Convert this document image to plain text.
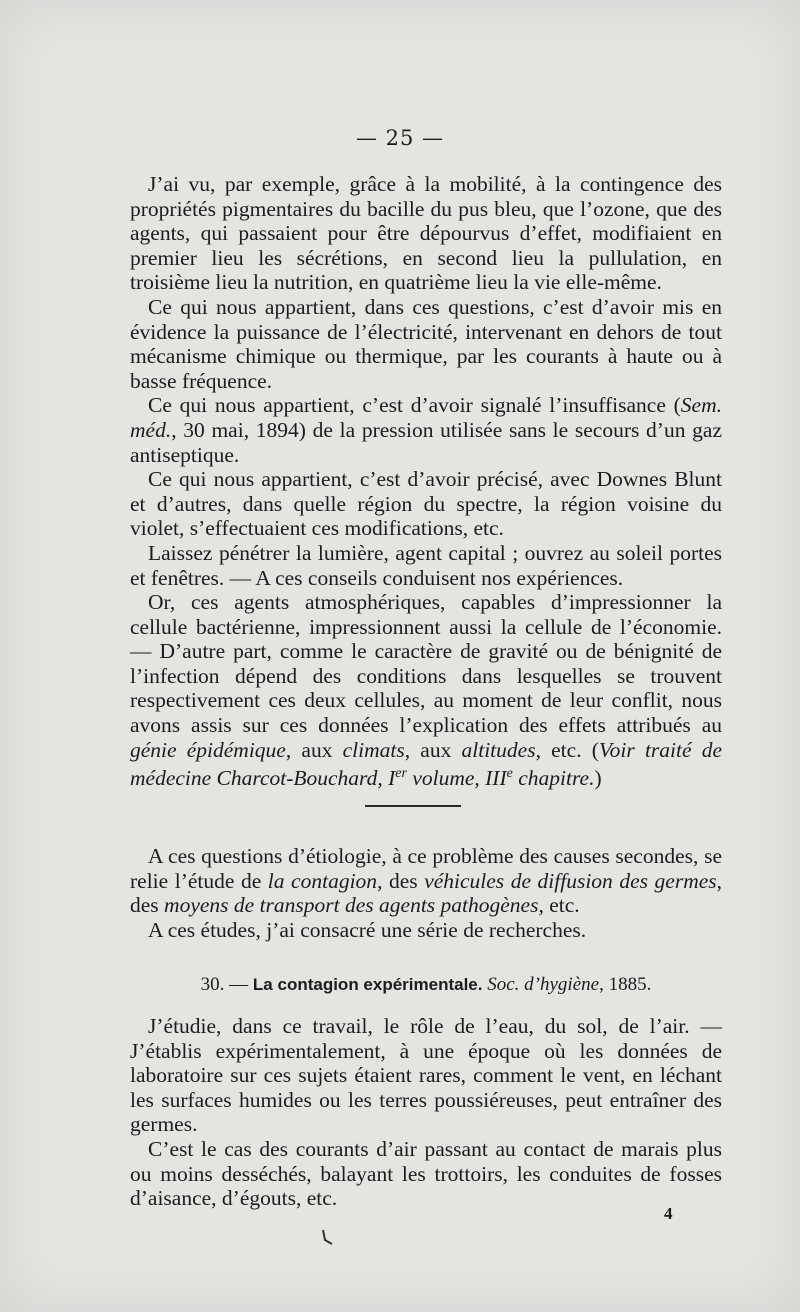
— 25 —

J’ai vu, par exemple, grâce à la mobilité, à la contingence des propriétés pigmentaires du bacille du pus bleu, que l’ozone, que des agents, qui passaient pour être dépourvus d’effet, modifiaient en premier lieu les sécrétions, en second lieu la pullulation, en troisième lieu la nutrition, en quatrième lieu la vie elle-même.

Ce qui nous appartient, dans ces questions, c’est d’avoir mis en évidence la puissance de l’électricité, intervenant en dehors de tout mécanisme chimique ou thermique, par les courants à haute ou à basse fréquence.

Ce qui nous appartient, c’est d’avoir signalé l’insuffisance (Sem. méd., 30 mai, 1894) de la pression utilisée sans le secours d’un gaz antiseptique.

Ce qui nous appartient, c’est d’avoir précisé, avec Downes Blunt et d’autres, dans quelle région du spectre, la région voisine du violet, s’effectuaient ces modifications, etc.

Laissez pénétrer la lumière, agent capital ; ouvrez au soleil portes et fenêtres. — A ces conseils conduisent nos expériences.

Or, ces agents atmosphériques, capables d’impressionner la cellule bactérienne, impressionnent aussi la cellule de l’économie. — D’autre part, comme le caractère de gravité ou de bénignité de l’infection dépend des conditions dans lesquelles se trouvent respectivement ces deux cellules, au moment de leur conflit, nous avons assis sur ces données l’explication des effets attribués au génie épidémique, aux climats, aux altitudes, etc. (Voir traité de médecine Charcot-Bouchard, Ier volume, IIIe chapitre.)

A ces questions d’étiologie, à ce problème des causes secondes, se relie l’étude de la contagion, des véhicules de diffusion des germes, des moyens de transport des agents pathogènes, etc.

A ces études, j’ai consacré une série de recherches.

30. — La contagion expérimentale. Soc. d’hygiène, 1885.

J’étudie, dans ce travail, le rôle de l’eau, du sol, de l’air. — J’établis expérimentalement, à une époque où les données de laboratoire sur ces sujets étaient rares, comment le vent, en léchant les surfaces humides ou les terres poussiéreuses, peut entraîner des germes.

C’est le cas des courants d’air passant au contact de marais plus ou moins desséchés, balayant les trottoirs, les conduites de fosses d’aisance, d’égouts, etc.

4
